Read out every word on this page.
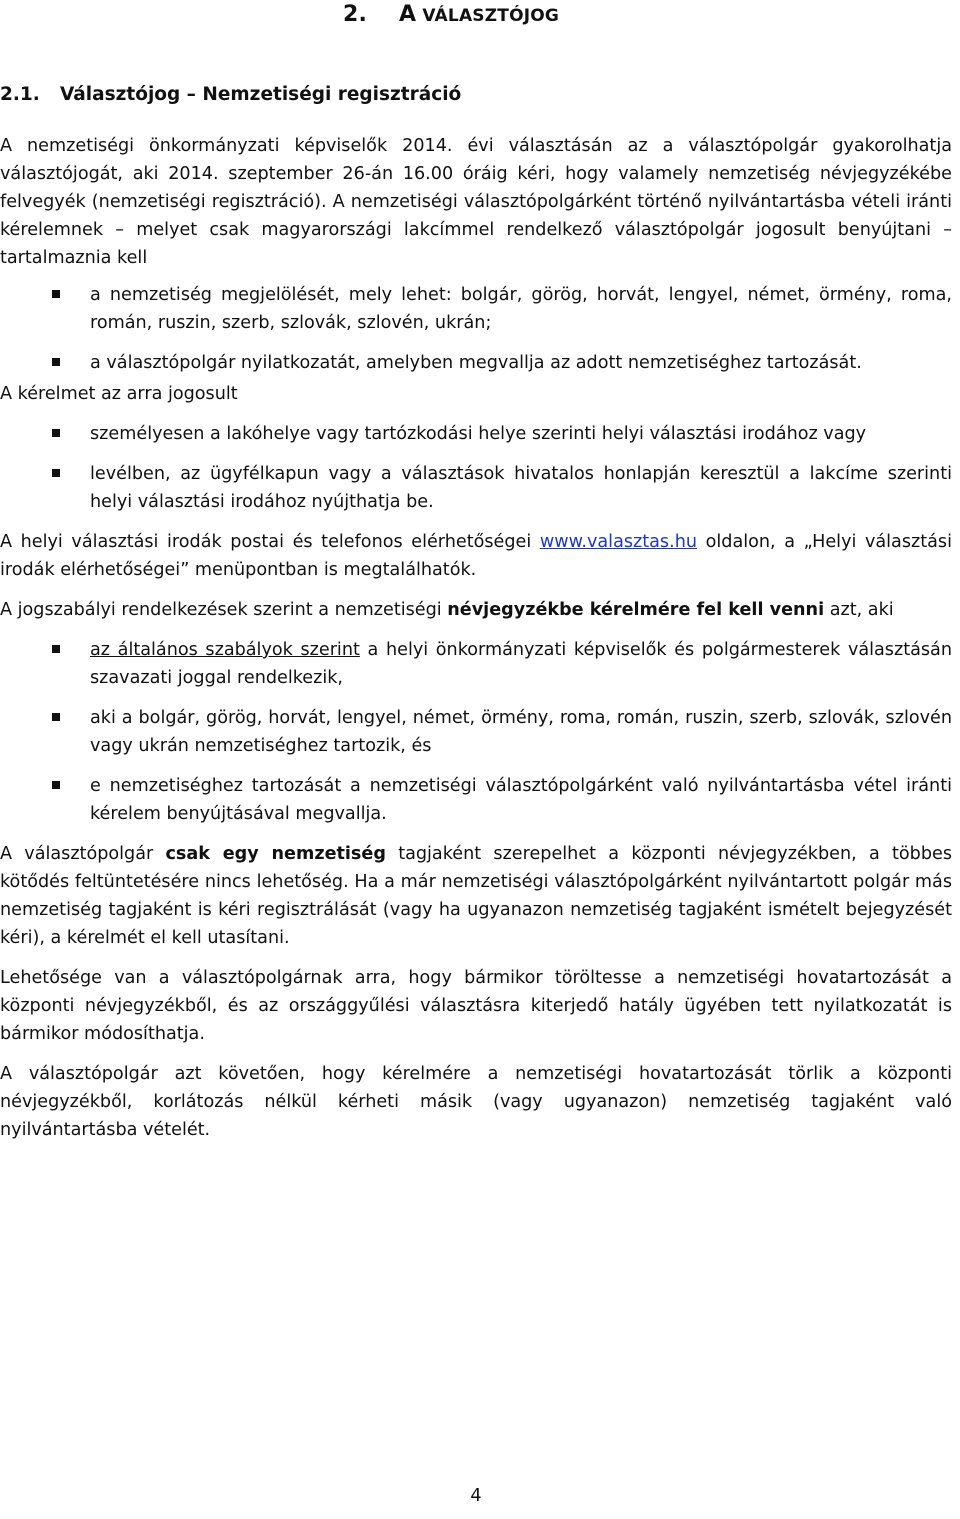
2. A VÁLASZTÓJOG
2.1. Választójog – Nemzetiségi regisztráció

A nemzetiségi önkormányzati képviselők 2014. évi választásán az a választópolgár gyakorolhatja választójogát, aki 2014. szeptember 26-án 16.00 óráig kéri, hogy valamely nemzetiség névjegyzékébe felvegyék (nemzetiségi regisztráció). A nemzetiségi választópolgárként történő nyilvántartásba vételi iránti kérelemnek – melyet csak magyarországi lakcímmel rendelkező választópolgár jogosult benyújtani – tartalmaznia kell

a nemzetiség megjelölését, mely lehet: bolgár, görög, horvát, lengyel, német, örmény, roma, román, ruszin, szerb, szlovák, szlovén, ukrán;
a választópolgár nyilatkozatát, amelyben megvallja az adott nemzetiséghez tartozását.

A kérelmet az arra jogosult

személyesen a lakóhelye vagy tartózkodási helye szerinti helyi választási irodához vagy
levélben, az ügyfélkapun vagy a választások hivatalos honlapján keresztül a lakcíme szerinti helyi választási irodához nyújthatja be.

A helyi választási irodák postai és telefonos elérhetőségei www.valasztas.hu oldalon, a „Helyi választási irodák elérhetőségei” menüpontban is megtalálhatók.

A jogszabályi rendelkezések szerint a nemzetiségi névjegyzékbe kérelmére fel kell venni azt, aki

az általános szabályok szerint a helyi önkormányzati képviselők és polgármesterek választásán szavazati joggal rendelkezik,
aki a bolgár, görög, horvát, lengyel, német, örmény, roma, román, ruszin, szerb, szlovák, szlovén vagy ukrán nemzetiséghez tartozik, és
e nemzetiséghez tartozását a nemzetiségi választópolgárként való nyilvántartásba vétel iránti kérelem benyújtásával megvallja.

A választópolgár csak egy nemzetiség tagjaként szerepelhet a központi névjegyzékben, a többes kötődés feltüntetésére nincs lehetőség. Ha a már nemzetiségi választópolgárként nyilvántartott polgár más nemzetiség tagjaként is kéri regisztrálását (vagy ha ugyanazon nemzetiség tagjaként ismételt bejegyzését kéri), a kérelmét el kell utasítani.

Lehetősége van a választópolgárnak arra, hogy bármikor töröltesse a nemzetiségi hovatartozását a központi névjegyzékből, és az országgyűlési választásra kiterjedő hatály ügyében tett nyilatkozatát is bármikor módosíthatja.

A választópolgár azt követően, hogy kérelmére a nemzetiségi hovatartozását törlik a központi névjegyzékből, korlátozás nélkül kérheti másik (vagy ugyanazon) nemzetiség tagjaként való nyilvántartásba vételét.

4
